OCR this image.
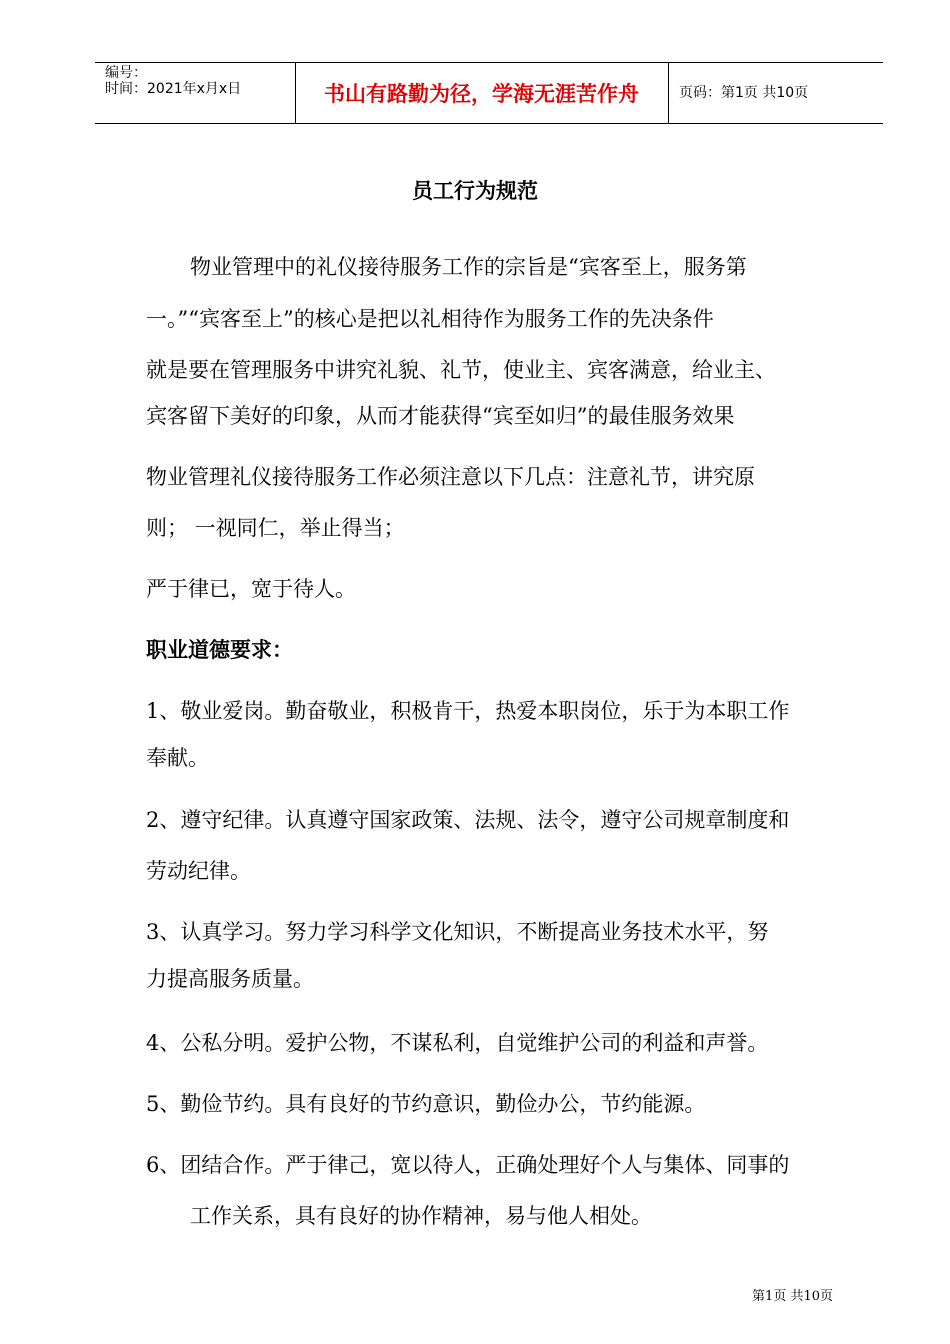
编号：
时间：2021年x月x日	书山有路勤为径，学海无涯苦作舟	页码：第1页 共10页
员工行为规范
物业管理中的礼仪接待服务工作的宗旨是“宾客至上，服务第
一。”“宾客至上”的核心是把以礼相待作为服务工作的先决条件
就是要在管理服务中讲究礼貌、礼节，使业主、宾客满意，给业主、
宾客留下美好的印象，从而才能获得“宾至如归”的最佳服务效果
物业管理礼仪接待服务工作必须注意以下几点：注意礼节，讲究原
则； 一视同仁，举止得当；
严于律已，宽于待人。
职业道德要求：
1、敬业爱岗。勤奋敬业，积极肯干，热爱本职岗位，乐于为本职工作
奉献。
2、遵守纪律。认真遵守国家政策、法规、法令，遵守公司规章制度和
劳动纪律。
3、认真学习。努力学习科学文化知识，不断提高业务技术水平，努
力提高服务质量。
4、公私分明。爱护公物，不谋私利，自觉维护公司的利益和声誉。
5、勤俭节约。具有良好的节约意识，勤俭办公，节约能源。
6、团结合作。严于律己，宽以待人，正确处理好个人与集体、同事的
工作关系，具有良好的协作精神，易与他人相处。
第1页 共10页
